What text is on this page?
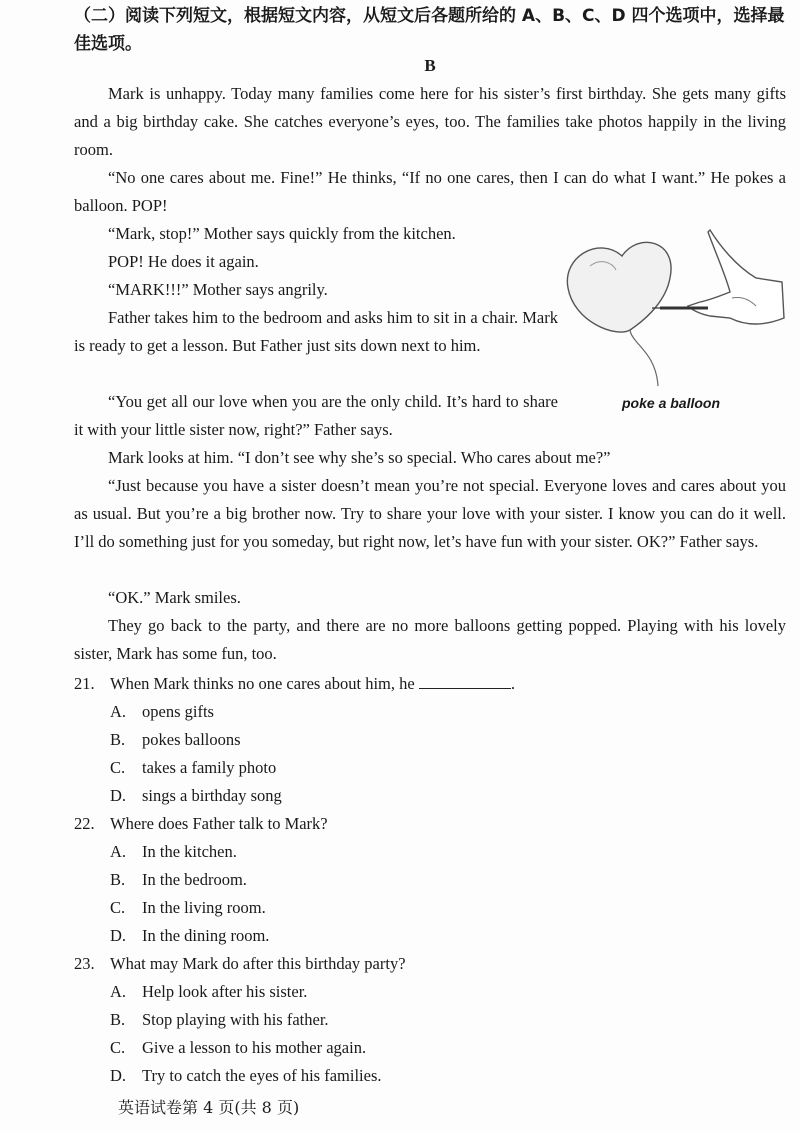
（二）阅读下列短文，根据短文内容，从短文后各题所给的 A、B、C、D 四个选项中，选择最佳选项。

B

Mark is unhappy. Today many families come here for his sister’s first birthday. She gets many gifts and a big birthday cake. She catches everyone’s eyes, too. The families take photos happily in the living room.

“No one cares about me. Fine!” He thinks, “If no one cares, then I can do what I want.” He pokes a balloon. POP!

“Mark, stop!” Mother says quickly from the kitchen.

POP! He does it again.

“MARK!!!” Mother says angrily.

Father takes him to the bedroom and asks him to sit in a chair. Mark is ready to get a lesson. But Father just sits down next to him.

“You get all our love when you are the only child. It’s hard to share it with your little sister now, right?” Father says.

Mark looks at him. “I don’t see why she’s so special. Who cares about me?”

“Just because you have a sister doesn’t mean you’re not special. Everyone loves and cares about you as usual. But you’re a big brother now. Try to share your love with your sister. I know you can do it well. I’ll do something just for you someday, but right now, let’s have fun with your sister. OK?” Father says.

“OK.” Mark smiles.

They go back to the party, and there are no more balloons getting popped. Playing with his lovely sister, Mark has some fun, too.

poke a balloon

21. When Mark thinks no one cares about him, he	.

A. opens gifts

B. pokes balloons

C. takes a family photo

D. sings a birthday song

22. Where does Father talk to Mark?

A. In the kitchen.

B. In the bedroom.

C. In the living room.

D. In the dining room.

23. What may Mark do after this birthday party?

A. Help look after his sister.

B. Stop playing with his father.

C. Give a lesson to his mother again.

D. Try to catch the eyes of his families.

英语试卷第 4 页(共 8 页)
